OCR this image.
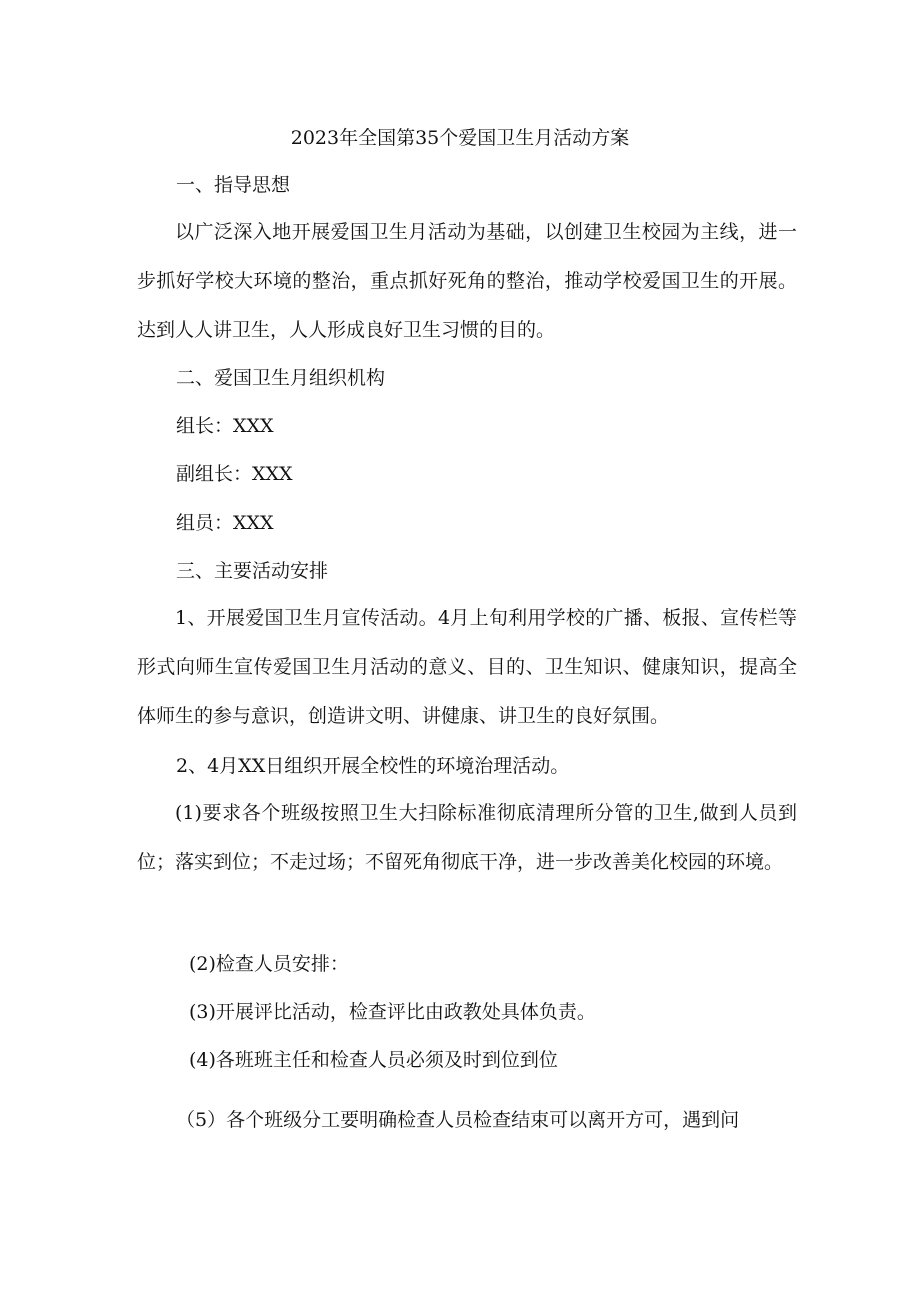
2023年全国第35个爱国卫生月活动方案
一、指导思想
以广泛深入地开展爱国卫生月活动为基础，以创建卫生校园为主线，进一步抓好学校大环境的整治，重点抓好死角的整治，推动学校爱国卫生的开展。达到人人讲卫生，人人形成良好卫生习惯的目的。
二、爱国卫生月组织机构
组长：XXX
副组长：XXX
组员：XXX
三、主要活动安排
1、开展爱国卫生月宣传活动。4月上旬利用学校的广播、板报、宣传栏等形式向师生宣传爱国卫生月活动的意义、目的、卫生知识、健康知识，提高全体师生的参与意识，创造讲文明、讲健康、讲卫生的良好氛围。
2、4月XX日组织开展全校性的环境治理活动。
(1)要求各个班级按照卫生大扫除标准彻底清理所分管的卫生,做到人员到位；落实到位；不走过场；不留死角彻底干净，进一步改善美化校园的环境。
(2)检查人员安排：
(3)开展评比活动，检查评比由政教处具体负责。
(4)各班班主任和检查人员必须及时到位到位
（5）各个班级分工要明确检查人员检查结束可以离开方可，遇到问
